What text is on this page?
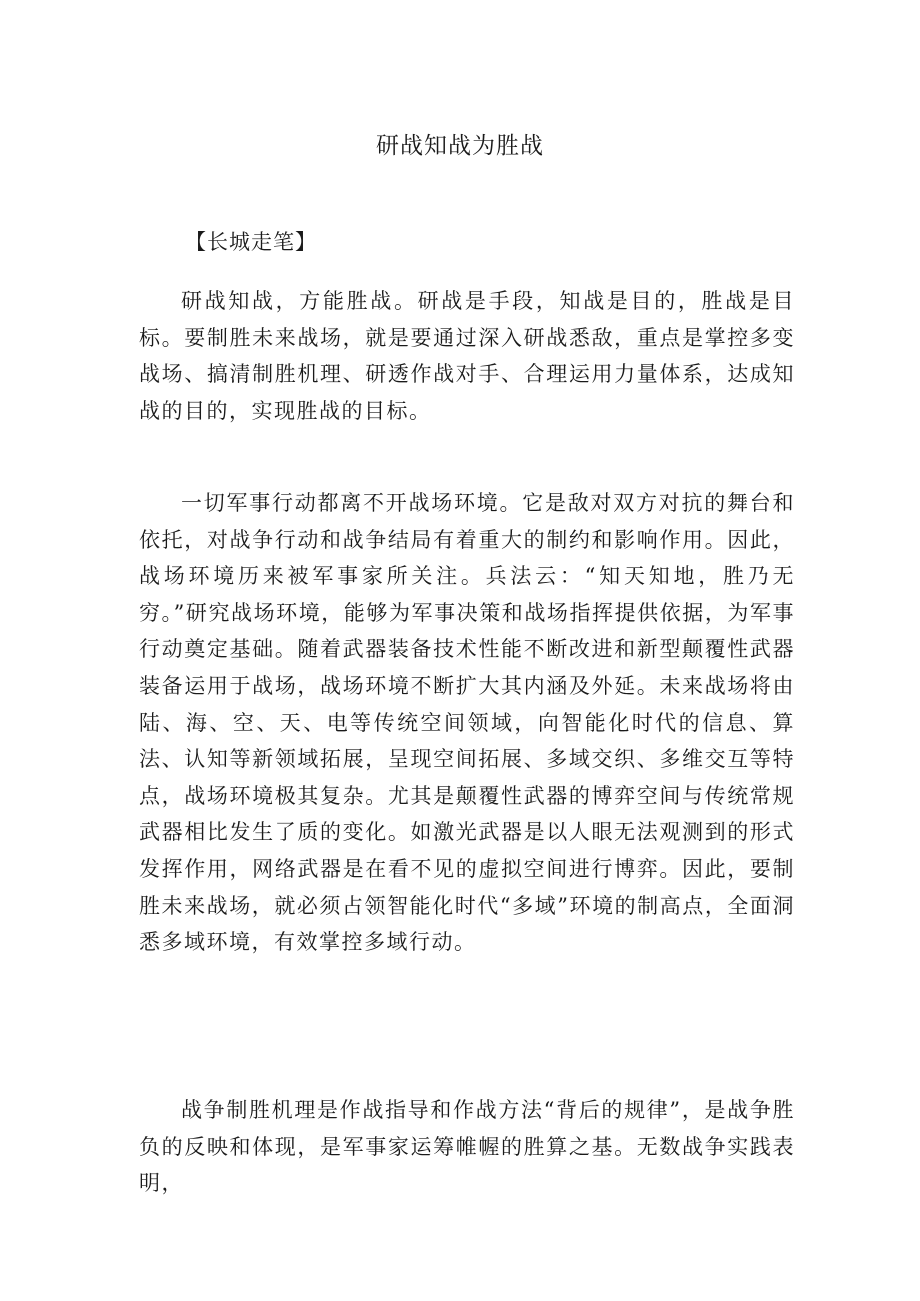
研战知战为胜战
【长城走笔】

研战知战，方能胜战。研战是手段，知战是目的，胜战是目标。要制胜未来战场，就是要通过深入研战悉敌，重点是掌控多变战场、搞清制胜机理、研透作战对手、合理运用力量体系，达成知战的目的，实现胜战的目标。

一切军事行动都离不开战场环境。它是敌对双方对抗的舞台和依托，对战争行动和战争结局有着重大的制约和影响作用。因此，战场环境历来被军事家所关注。兵法云：“知天知地，胜乃无穷。”研究战场环境，能够为军事决策和战场指挥提供依据，为军事行动奠定基础。随着武器装备技术性能不断改进和新型颠覆性武器装备运用于战场，战场环境不断扩大其内涵及外延。未来战场将由陆、海、空、天、电等传统空间领域，向智能化时代的信息、算法、认知等新领域拓展，呈现空间拓展、多域交织、多维交互等特点，战场环境极其复杂。尤其是颠覆性武器的博弈空间与传统常规武器相比发生了质的变化。如激光武器是以人眼无法观测到的形式发挥作用，网络武器是在看不见的虚拟空间进行博弈。因此，要制胜未来战场，就必须占领智能化时代“多域”环境的制高点，全面洞悉多域环境，有效掌控多域行动。

战争制胜机理是作战指导和作战方法“背后的规律”，是战争胜负的反映和体现，是军事家运筹帷幄的胜算之基。无数战争实践表明，
